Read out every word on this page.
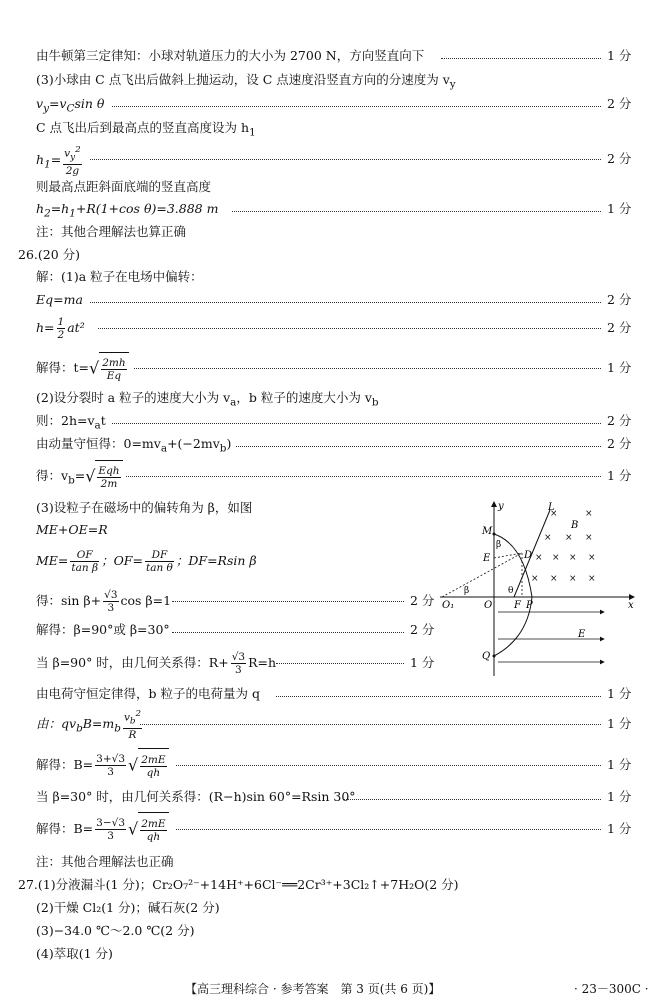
由牛顿第三定律知：小球对轨道压力的大小为 2700 N，方向竖直向下	1 分
(3)小球由 C 点飞出后做斜上抛运动，设 C 点速度沿竖直方向的分速度为 $v_y$
$v_y=v_C\sin$ θ	2 分
C 点飞出后到最高点的竖直高度设为 $h_1$
$h_1= \frac{v_y^2}{2g}$	2 分
则最高点距斜面底端的竖直高度
$h_2=h_1+R(1+\cos$ θ)=3.888 m	1 分
注：其他合理解法也算正确
26.(20 分)
解：(1)a 粒子在电场中偏转：
Eq=ma	2 分
$h= \frac{1}{2} at^2$	2 分
解得：$t=√ \frac{2mh}{Eq}$	1 分
(2)设分裂时 a 粒子的速度大小为 $v_a$，b 粒子的速度大小为 $v_b$
则：$2h=v_at$	2 分
由动量守恒得：$0=mv_a+(-2mv_b)$	2 分
得：$v_b=√ \frac{\text{Eqh}}{2m}$	1 分
(3)设粒子在磁场中的偏转角为 β，如图
ME+OE=R
$ME= \frac{OF}{\text{tan β}}$ ；$OF= \frac{DF}{\text{tan θ}}$ ；DF=Rsin β
得：$\sin \beta+ \frac{√3}{3}$ cos β=1	2 分
解得：β=90°或 β=30°	2 分
当 β=90° 时，由几何关系得：$R+ \frac{√3}{3} R=h$	1 分
由电荷守恒定律得，b 粒子的电荷量为 q	1 分
由：$qv_bB=m_b \frac{v_b^2}{R}$	1 分
解得：$B= \frac{3+√3}{3}$ √ $\frac{2mE}{qh}$	1 分
当 β=30° 时，由几何关系得：(R−h)sin 60°=Rsin 30°	1 分
解得：$B= \frac{3-√3}{3}$ √ $\frac{2mE}{qh}$	1 分
注：其他合理解法也正确
27.(1)分液漏斗(1 分)；Cr₂O₇²⁻+14H⁺+6Cl⁻══2Cr³⁺+3Cl₂↑+7H₂O(2 分)
(2)干燥 Cl₂(1 分)；碱石灰(2 分)
(3)−34.0 ℃～2.0 ℃(2 分)
(4)萃取(1 分)
y
x
L
B
×	×
× × ×
× × × ×
× × × ×
E
M
β
E	D
β	θ
O₁	O F P
Q
【高三理科综合 · 参考答案　第 3 页(共 6 页)】	· 23－300C ·
